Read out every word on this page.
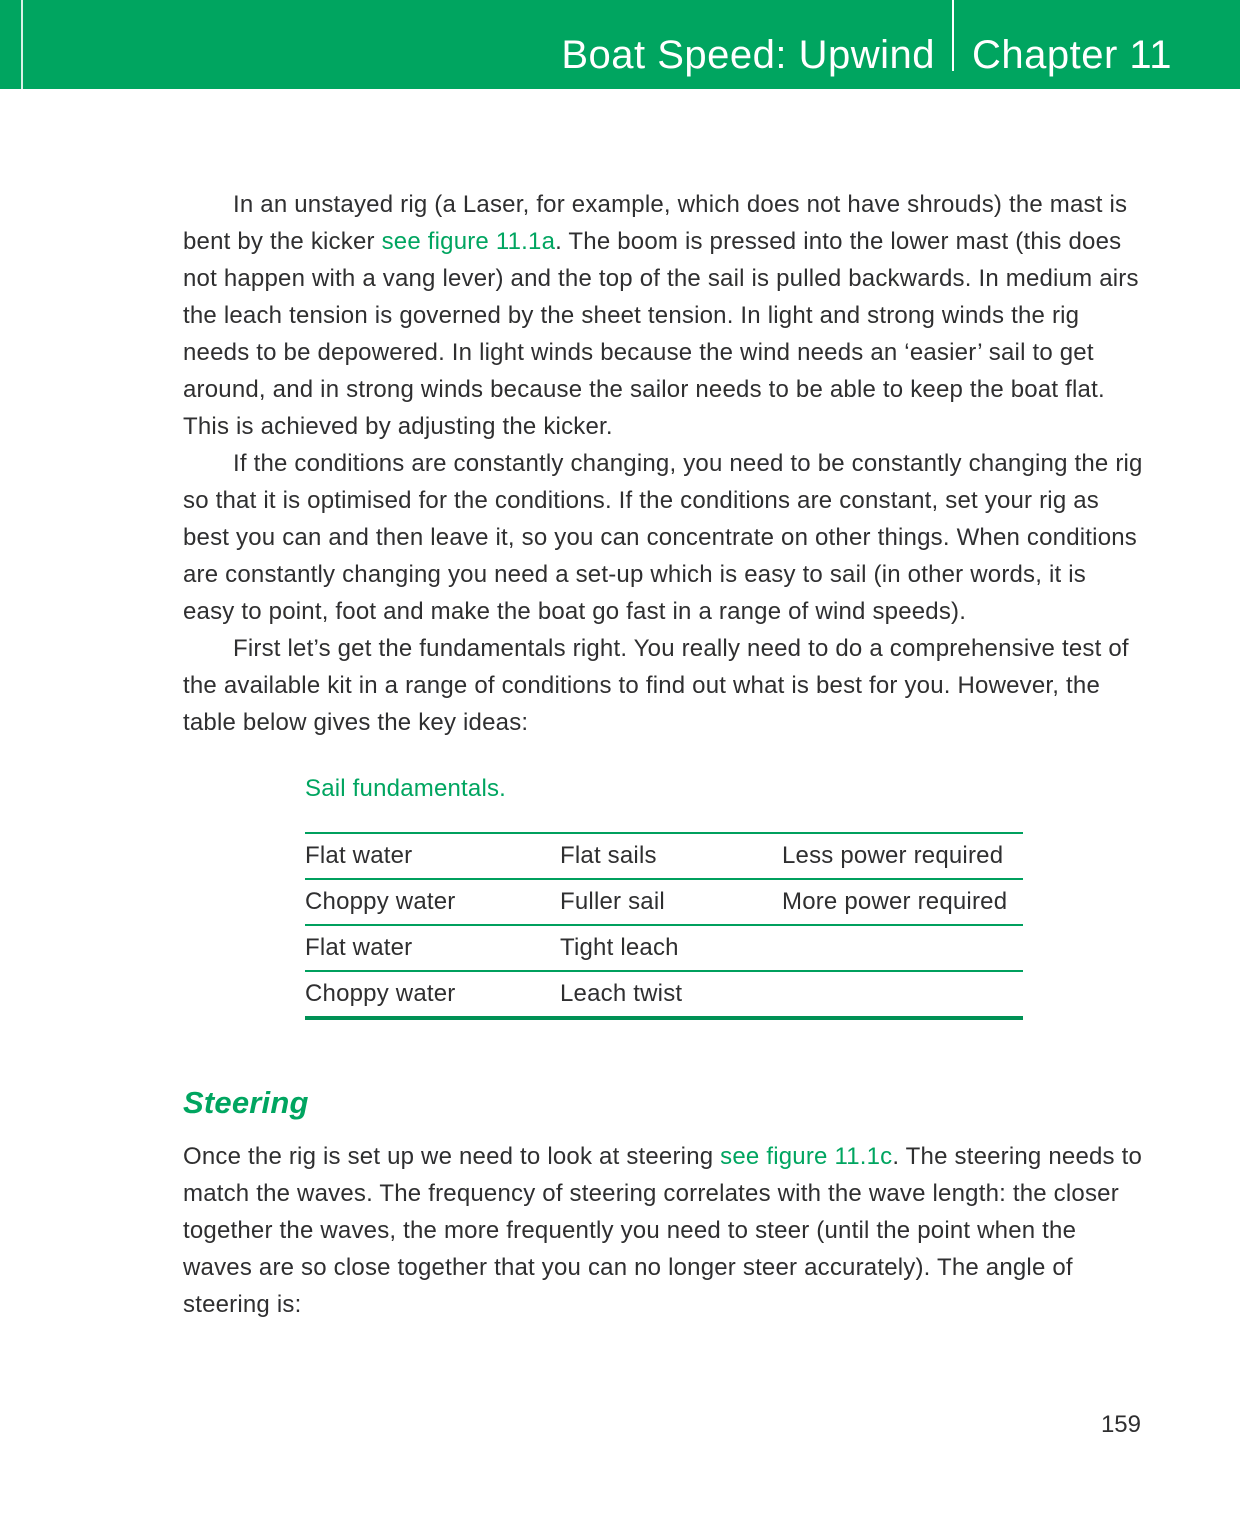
Boat Speed: Upwind Chapter 11

In an unstayed rig (a Laser, for example, which does not have shrouds) the mast is bent by the kicker see figure 11.1a. The boom is pressed into the lower mast (this does not happen with a vang lever) and the top of the sail is pulled backwards. In medium airs the leach tension is governed by the sheet tension. In light and strong winds the rig needs to be depowered. In light winds because the wind needs an ‘easier’ sail to get around, and in strong winds because the sailor needs to be able to keep the boat flat. This is achieved by adjusting the kicker.

If the conditions are constantly changing, you need to be constantly changing the rig so that it is optimised for the conditions. If the conditions are constant, set your rig as best you can and then leave it, so you can concentrate on other things. When conditions are constantly changing you need a set-up which is easy to sail (in other words, it is easy to point, foot and make the boat go fast in a range of wind speeds).

First let’s get the fundamentals right. You really need to do a comprehensive test of the available kit in a range of conditions to find out what is best for you. However, the table below gives the key ideas:

Sail fundamentals.

Flat water	Flat sails	Less power required
Choppy water	Fuller sail	More power required
Flat water	Tight leach
Choppy water	Leach twist
Steering

Once the rig is set up we need to look at steering see figure 11.1c. The steering needs to match the waves. The frequency of steering correlates with the wave length: the closer together the waves, the more frequently you need to steer (until the point when the waves are so close together that you can no longer steer accurately). The angle of steering is:

159
